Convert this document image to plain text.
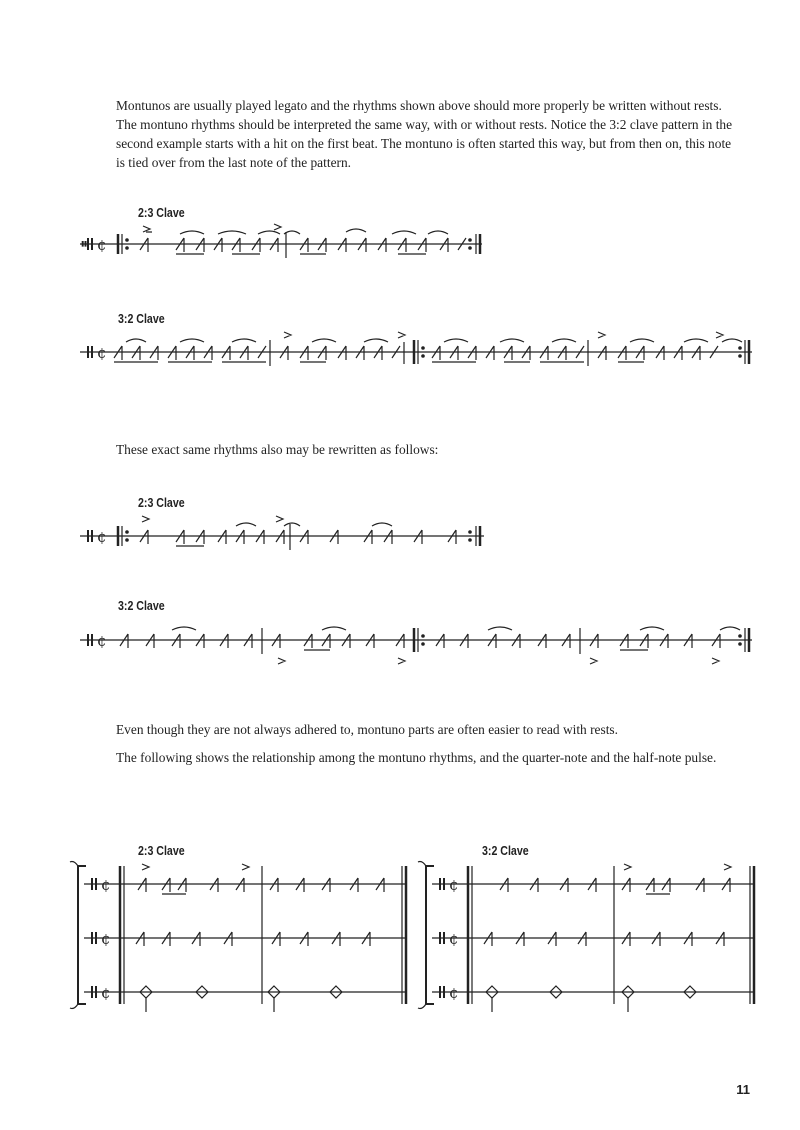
Montunos are usually played legato and the rhythms shown above should more properly be written without rests. The montuno rhythms should be interpreted the same way, with or without rests. Notice the 3:2 clave pattern in the second example starts with a hit on the first beat. The montuno is often started this way, but from then on, this note is tied over from the last note of the pattern.
These exact same rhythms also may be rewritten as follows:
Even though they are not always adhered to, montuno parts are often easier to read with rests.
The following shows the relationship among the montuno rhythms, and the quarter-note and the half-note pulse.
2:3 Clave
3:2 Clave
2:3 Clave
3:2 Clave
2:3 Clave	3:2 Clave
𝄥 ¢
¢
¢
¢
¢
¢
¢
¢
¢
¢
11
